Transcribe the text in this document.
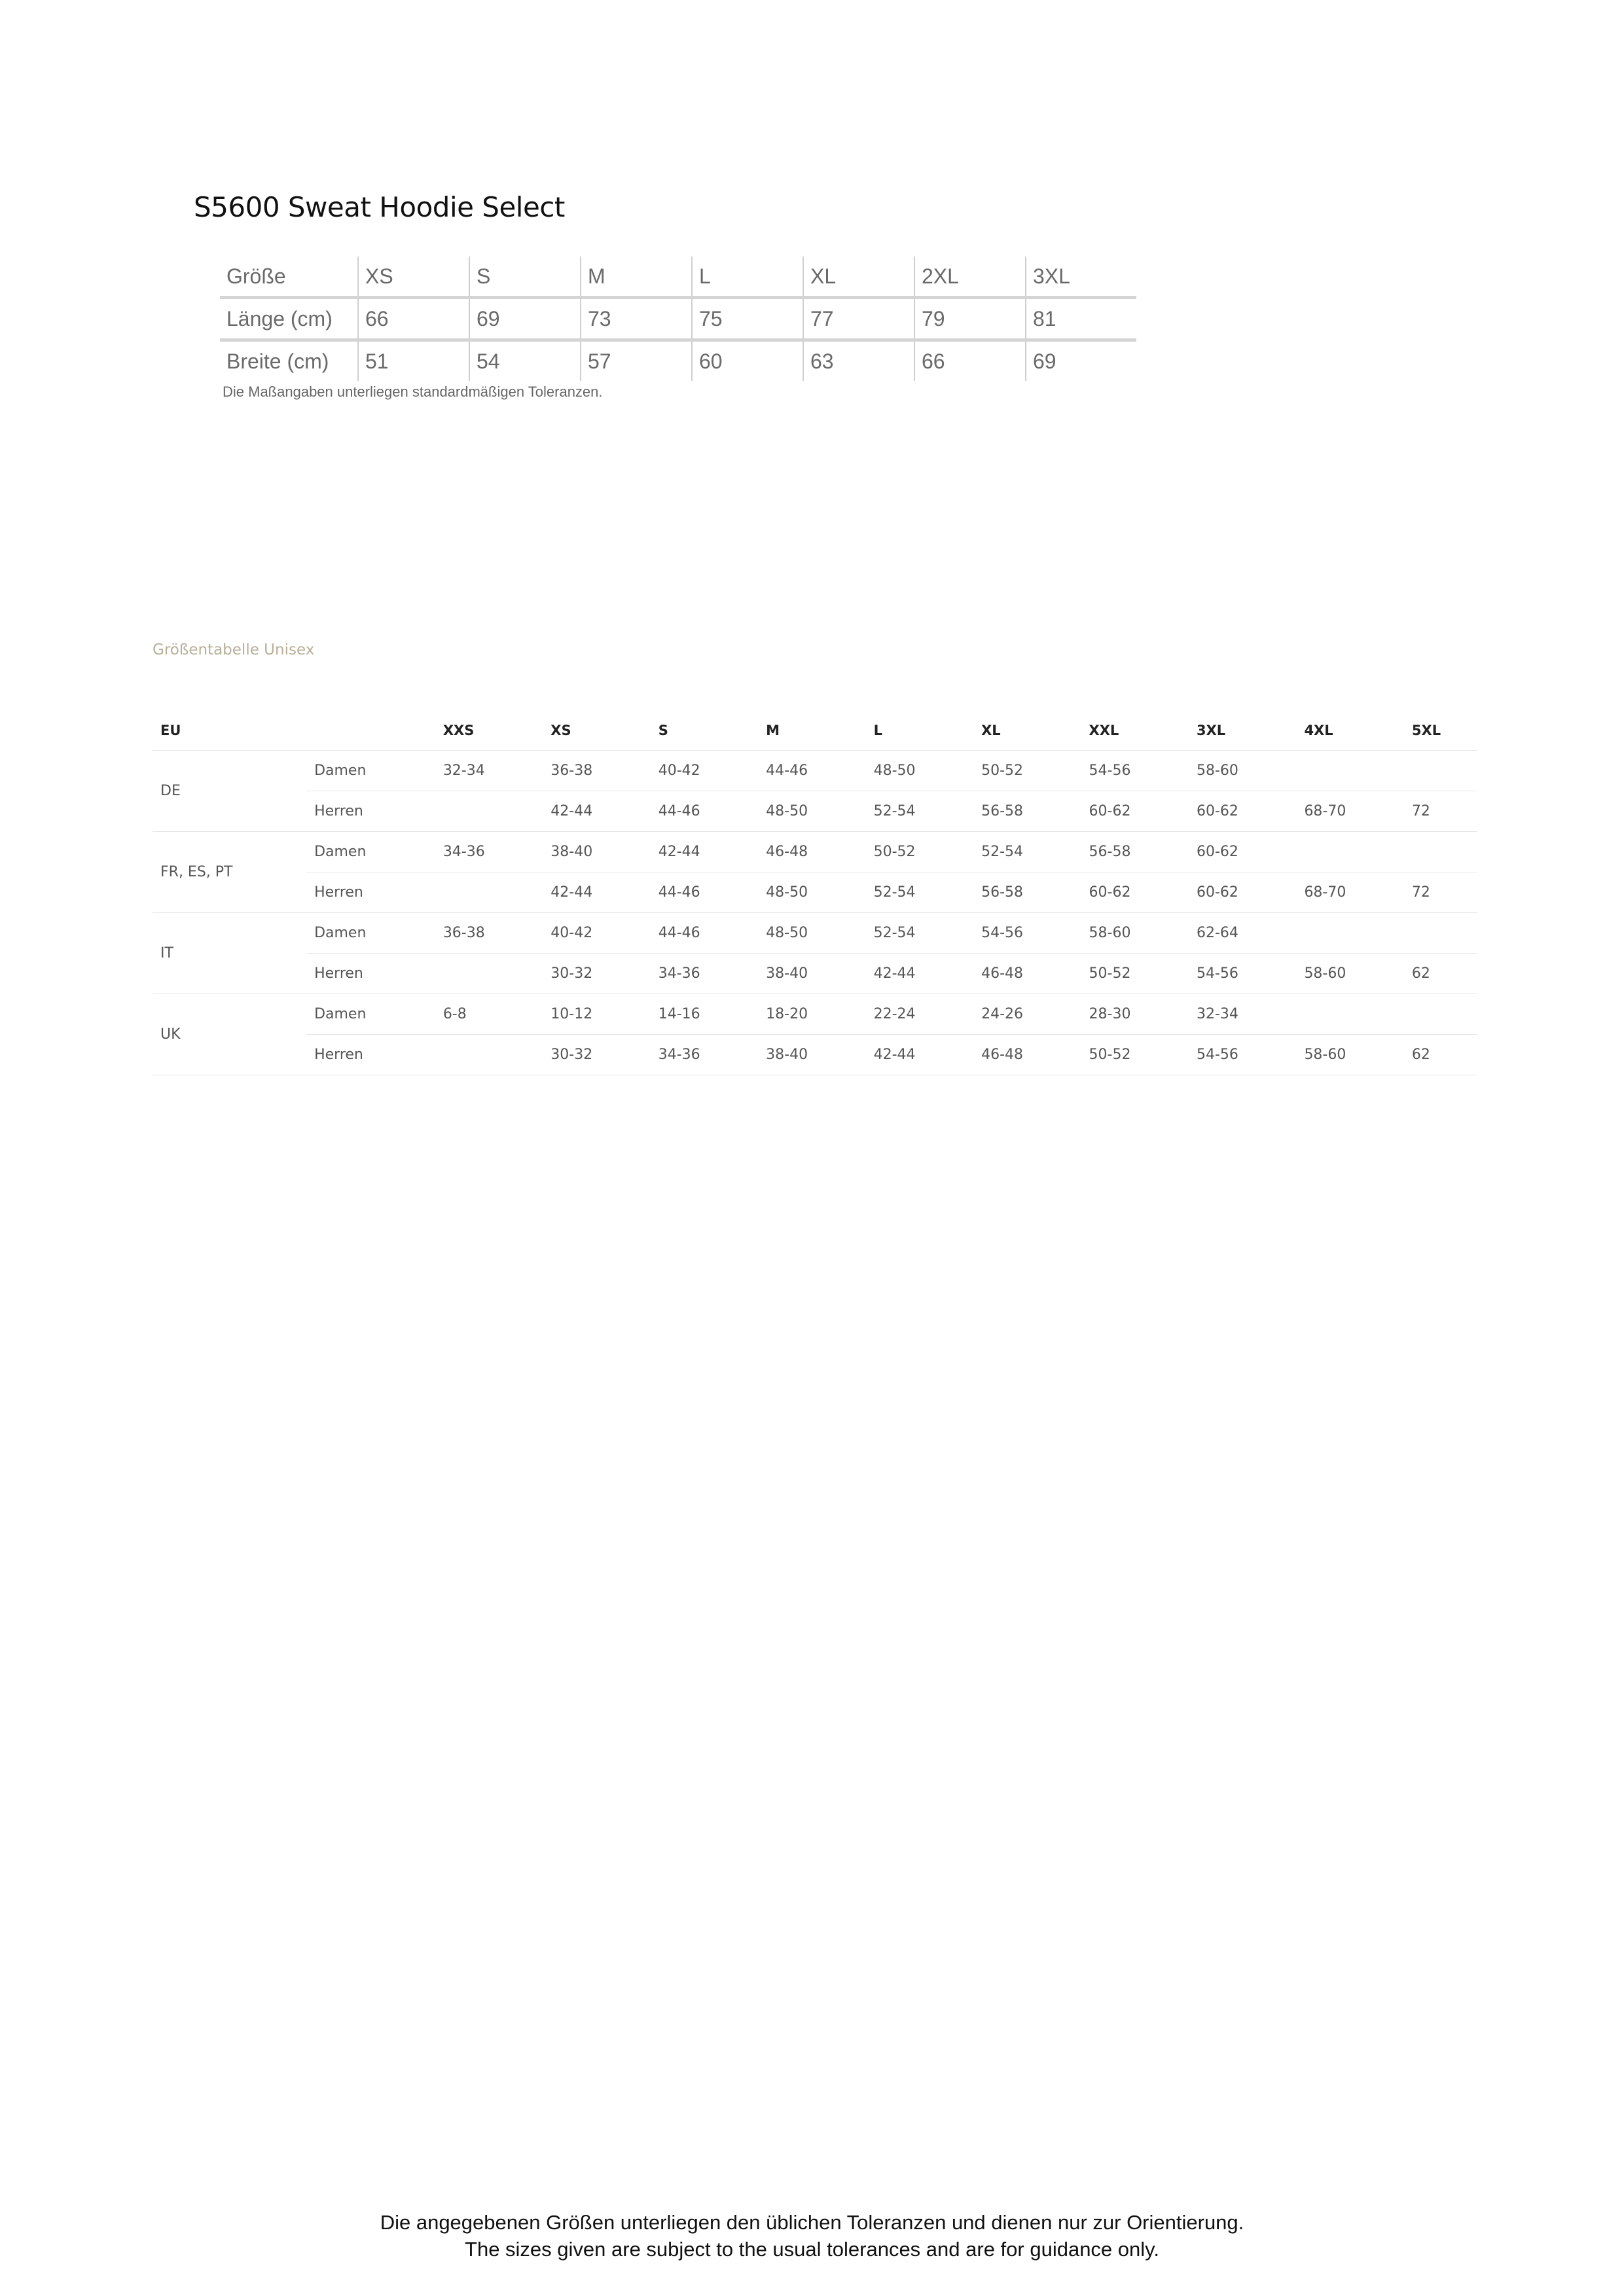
S5600 Sweat Hoodie Select
Größe	XS	S	M	L	XL	2XL	3XL
Länge (cm)	66	69	73	75	77	79	81
Breite (cm)	51	54	57	60	63	66	69
Die Maßangaben unterliegen standardmäßigen Toleranzen.
Größentabelle Unisex
EU		XXS	XS	S	M	L	XL	XXL	3XL	4XL	5XL
DE	Damen	32-34	36-38	40-42	44-46	48-50	50-52	54-56	58-60		
	Herren		42-44	44-46	48-50	52-54	56-58	60-62	60-62	68-70	72
FR, ES, PT	Damen	34-36	38-40	42-44	46-48	50-52	52-54	56-58	60-62		
	Herren		42-44	44-46	48-50	52-54	56-58	60-62	60-62	68-70	72
IT	Damen	36-38	40-42	44-46	48-50	52-54	54-56	58-60	62-64		
	Herren		30-32	34-36	38-40	42-44	46-48	50-52	54-56	58-60	62
UK	Damen	6-8	10-12	14-16	18-20	22-24	24-26	28-30	32-34		
	Herren		30-32	34-36	38-40	42-44	46-48	50-52	54-56	58-60	62
Die angegebenen Größen unterliegen den üblichen Toleranzen und dienen nur zur Orientierung.
The sizes given are subject to the usual tolerances and are for guidance only.
